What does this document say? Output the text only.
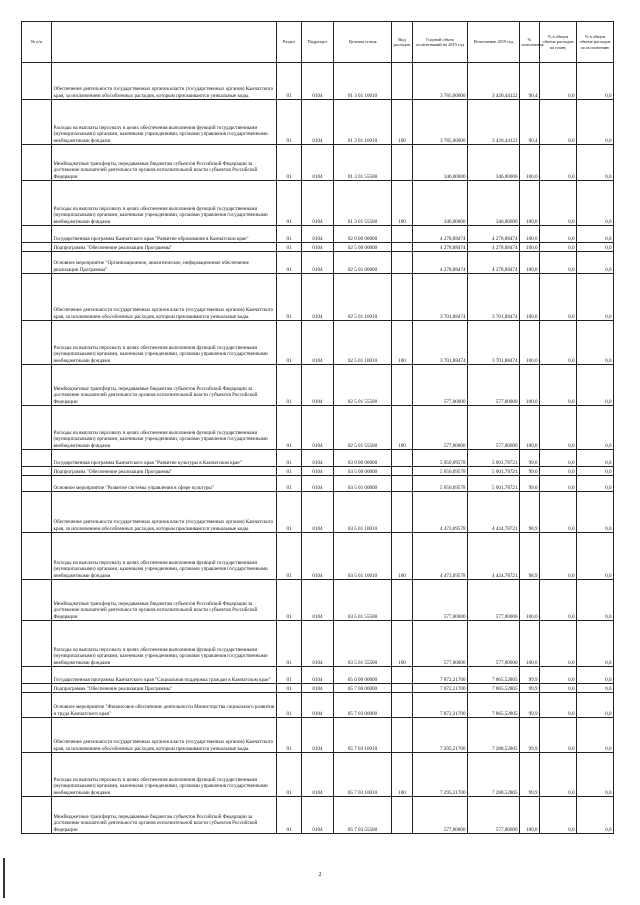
№ п/п		Раздел	Подраздел	Целевая статья	Вид расходов	Годовой объем ассигнований на 2019 год	Исполнение 2019 год	% исполнения	% в общем объеме расходов по плану	% в общем объеме расходов по исполнению
	Обеспечение деятельности государственных органов власти (государственных органов) Камчатского края, за исключением обособленных расходов, которым присваиваются уникальные коды.	01	0104	01 3 01 10010		3 785,00000	3 420,44122	90,4	0,0	0,0
	Расходы на выплаты персоналу в целях обеспечения выполнения функций государственными (муниципальными) органами, казенными учреждениями, органами управления государственными внебюджетными фондами	01	0104	01 3 01 10010	100	3 785,00000	3 420,44122	90,4	0,0	0,0
	Межбюджетные трансферты, передаваемые бюджетам субъектов Российской Федерации за достижение показателей деятельности органов исполнительной власти субъектов Российской Федерации	01	0104	01 3 01 55500		346,00000	346,00000	100,0	0,0	0,0
	Расходы на выплаты персоналу в целях обеспечения выполнения функций государственными (муниципальными) органами, казенными учреждениями, органами управления государственными внебюджетными фондами	01	0104	01 3 01 55500	100	346,00000	346,00000	100,0	0,0	0,0
	Государственная программа Камчатского края "Развитие образования в Камчатском крае"	01	0104	02 0 00 00000		4 278,88474	4 278,88474	100,0	0,0	0,0
	Подпрограмма "Обеспечение реализации Программы"	01	0104	02 5 00 00000		4 278,88474	4 278,88474	100,0	0,0	0,0
	Основное мероприятие "Организационное, аналитическое, информационное обеспечение реализации Программы"	01	0104	02 5 01 00000		4 278,88474	4 278,88474	100,0	0,0	0,0
	Обеспечение деятельности государственных органов власти (государственных органов) Камчатского края, за исключением обособленных расходов, которым присваиваются уникальные коды.	01	0104	02 5 01 10010		3 701,88474	3 701,88474	100,0	0,0	0,0
	Расходы на выплаты персоналу в целях обеспечения выполнения функций государственными (муниципальными) органами, казенными учреждениями, органами управления государственными внебюджетными фондами	01	0104	02 5 01 10010	100	3 701,88474	3 701,88474	100,0	0,0	0,0
	Межбюджетные трансферты, передаваемые бюджетам субъектов Российской Федерации за достижение показателей деятельности органов исполнительной власти субъектов Российской Федерации	01	0104	02 5 01 55500		577,00000	577,00000	100,0	0,0	0,0
	Расходы на выплаты персоналу в целях обеспечения выполнения функций государственными (муниципальными) органами, казенными учреждениями, органами управления государственными внебюджетными фондами	01	0104	02 5 01 55500	100	577,00000	577,00000	100,0	0,0	0,0
	Государственная программа Камчатского края "Развитие культуры в Камчатском крае"	01	0104	03 0 00 00000		5 050,09578	5 001,78721	99,0	0,0	0,0
	Подпрограмма "Обеспечение реализации Программы"	01	0104	03 5 00 00000		5 050,09578	5 001,78721	99,0	0,0	0,0
	Основное мероприятие "Развитие системы управления в сфере культуры"	01	0104	03 5 01 00000		5 050,09578	5 001,78721	99,0	0,0	0,0
	Обеспечение деятельности государственных органов власти (государственных органов) Камчатского края, за исключением обособленных расходов, которым присваиваются уникальные коды.	01	0104	03 5 01 10010		4 473,09578	4 424,78721	98,9	0,0	0,0
	Расходы на выплаты персоналу в целях обеспечения выполнения функций государственными (муниципальными) органами, казенными учреждениями, органами управления государственными внебюджетными фондами	01	0104	03 5 01 10010	100	4 473,09578	4 424,78721	98,9	0,0	0,0
	Межбюджетные трансферты, передаваемые бюджетам субъектов Российской Федерации за достижение показателей деятельности органов исполнительной власти субъектов Российской Федерации	01	0104	03 5 01 55500		577,00000	577,00000	100,0	0,0	0,0
	Расходы на выплаты персоналу в целях обеспечения выполнения функций государственными (муниципальными) органами, казенными учреждениями, органами управления государственными внебюджетными фондами	01	0104	03 5 01 55500	100	577,00000	577,00000	100,0	0,0	0,0
	Государственная программа Камчатского края "Социальная поддержка граждан в Камчатском крае"	01	0104	05 0 00 00000		7 872,21700	7 865,52805	99,9	0,0	0,0
	Подпрограмма "Обеспечение реализации Программы"	01	0104	05 7 00 00000		7 872,21700	7 865,52805	99,9	0,0	0,0
	Основное мероприятие "Финансовое обеспечение деятельности Министерства социального развития и труда Камчатского края"	01	0104	05 7 03 00000		7 872,21700	7 865,52805	99,9	0,0	0,0
	Обеспечение деятельности государственных органов власти (государственных органов) Камчатского края, за исключением обособленных расходов, которым присваиваются уникальные коды.	01	0104	05 7 03 10010		7 295,21700	7 288,52805	99,9	0,0	0,0
	Расходы на выплаты персоналу в целях обеспечения выполнения функций государственными (муниципальными) органами, казенными учреждениями, органами управления государственными внебюджетными фондами	01	0104	05 7 03 10010	100	7 295,21700	7 288,52805	99,9	0,0	0,0
	Межбюджетные трансферты, передаваемые бюджетам субъектов Российской Федерации за достижение показателей деятельности органов исполнительной власти субъектов Российской Федерации	01	0104	05 7 03 55500		577,00000	577,00000	100,0	0,0	0,0
2
